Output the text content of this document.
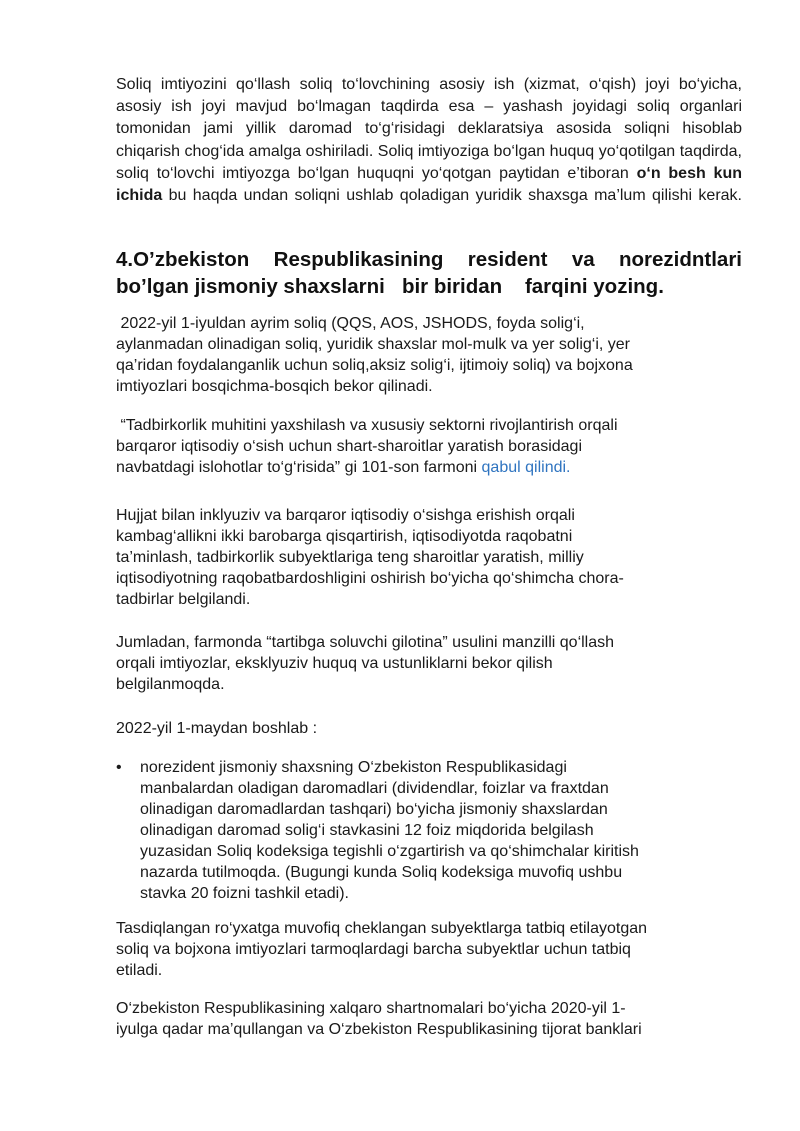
Soliq imtiyozini qo‘llash soliq to‘lovchining asosiy ish (xizmat, o‘qish) joyi bo‘yicha, asosiy ish joyi mavjud bo‘lmagan taqdirda esa – yashash joyidagi soliq organlari tomonidan jami yillik daromad to‘g‘risidagi deklaratsiya asosida soliqni hisoblab chiqarish chog‘ida amalga oshiriladi. Soliq imtiyoziga bo‘lgan huquq yo‘qotilgan taqdirda, soliq to‘lovchi imtiyozga bo‘lgan huquqni yo‘qotgan paytidan e’tiboran o‘n besh kun ichida bu haqda undan soliqni ushlab qoladigan yuridik shaxsga ma’lum qilishi kerak.

4.O’zbekiston Respublikasining resident va norezidntlari
bo’lgan jismoniy shaxslarni   bir biridan    farqini yozing.
2022-yil 1-iyuldan ayrim soliq (QQS, AOS, JSHODS, foyda solig‘i,
aylanmadan olinadigan soliq, yuridik shaxslar mol-mulk va yer solig‘i, yer
qa’ridan foydalanganlik uchun soliq,aksiz solig‘i, ijtimoiy soliq) va bojxona
imtiyozlari bosqichma-bosqich bekor qilinadi.
“Tadbirkorlik muhitini yaxshilash va xususiy sektorni rivojlantirish orqali
barqaror iqtisodiy o‘sish uchun shart-sharoitlar yaratish borasidagi
navbatdagi islohotlar to‘g‘risida” gi 101-son farmoni qabul qilindi.
Hujjat bilan inklyuziv va barqaror iqtisodiy o‘sishga erishish orqali
kambag‘allikni ikki barobarga qisqartirish, iqtisodiyotda raqobatni
ta’minlash, tadbirkorlik subyektlariga teng sharoitlar yaratish, milliy
iqtisodiyotning raqobatbardoshligini oshirish bo‘yicha qo‘shimcha chora-
tadbirlar belgilandi.
Jumladan, farmonda “tartibga soluvchi gilotina” usulini manzilli qo‘llash
orqali imtiyozlar, eksklyuziv huquq va ustunliklarni bekor qilish
belgilanmoqda.
2022-yil 1-maydan boshlab :
• norezident jismoniy shaxsning O‘zbekiston Respublikasidagi
manbalardan oladigan daromadlari (dividendlar, foizlar va fraxtdan
olinadigan daromadlardan tashqari) bo‘yicha jismoniy shaxslardan
olinadigan daromad solig‘i stavkasini 12 foiz miqdorida belgilash
yuzasidan Soliq kodeksiga tegishli o‘zgartirish va qo‘shimchalar kiritish
nazarda tutilmoqda. (Bugungi kunda Soliq kodeksiga muvofiq ushbu
stavka 20 foizni tashkil etadi).
Tasdiqlangan ro‘yxatga muvofiq cheklangan subyektlarga tatbiq etilayotgan
soliq va bojxona imtiyozlari tarmoqlardagi barcha subyektlar uchun tatbiq
etiladi.
O‘zbekiston Respublikasining xalqaro shartnomalari bo‘yicha 2020-yil 1-
iyulga qadar ma’qullangan va O‘zbekiston Respublikasining tijorat banklari
